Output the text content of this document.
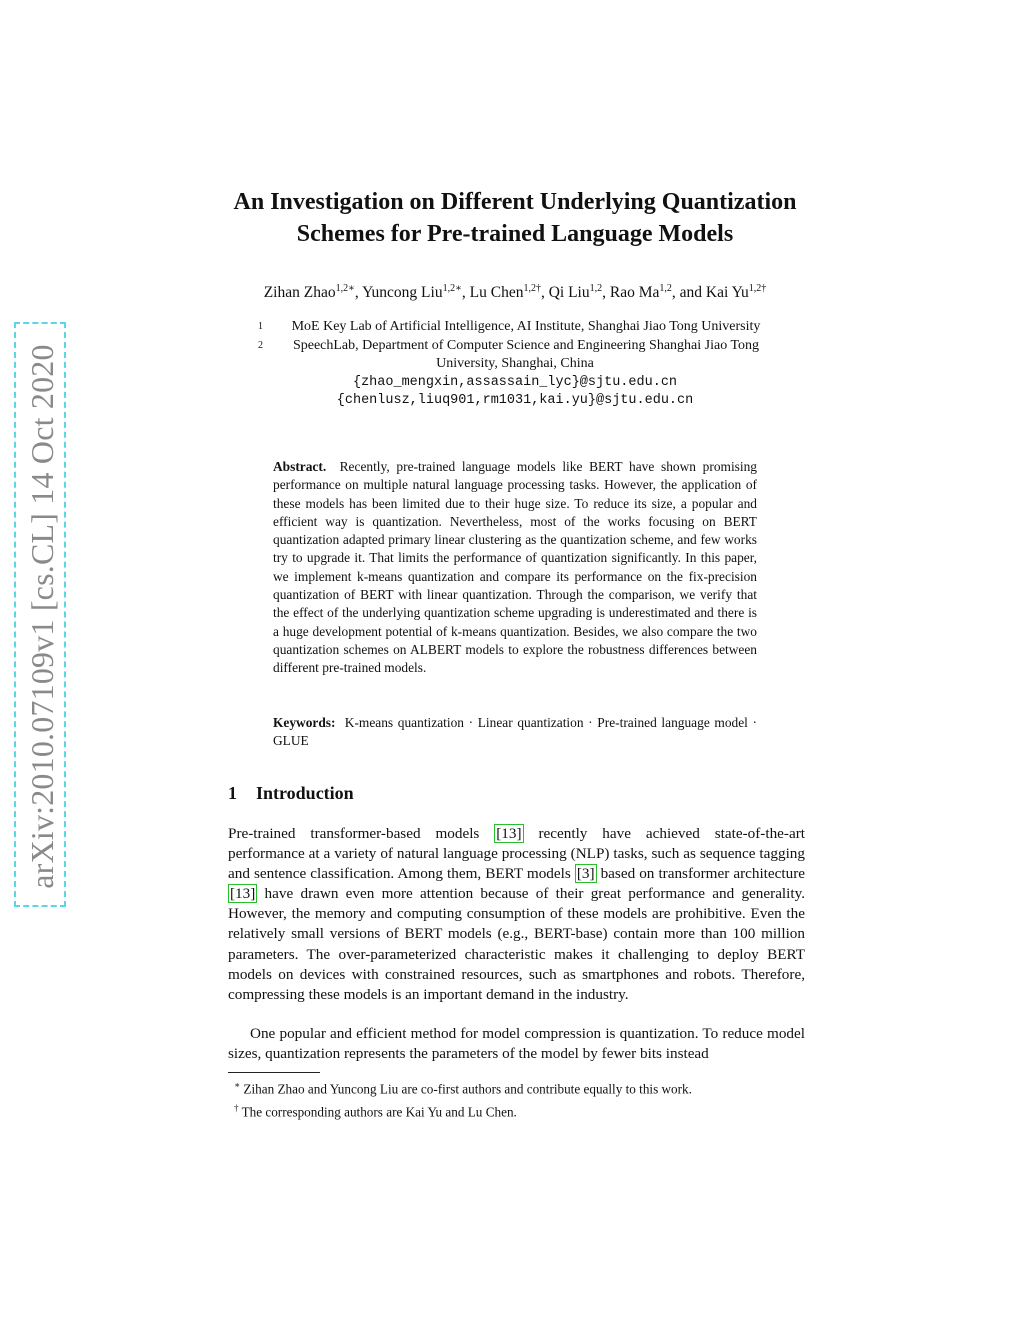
arXiv:2010.07109v1 [cs.CL] 14 Oct 2020
An Investigation on Different Underlying Quantization
Schemes for Pre-trained Language Models
Zihan Zhao$^{1,2∗}$, Yuncong Liu$^{1,2∗}$, Lu Chen$^{1,2\dagger}$, Qi Liu$^{1,2}$, Rao Ma$^{1,2}$, and Kai $Yu^{1,2\dagger}$
1	MoE Key Lab of Artificial Intelligence, AI Institute, Shanghai Jiao Tong University
2	SpeechLab, Department of Computer Science and Engineering Shanghai Jiao Tong
University, Shanghai, China
{zhao_mengxin,assassain_lyc}@sjtu.edu.cn
{chenlusz,liuq901,rm1031,kai.yu}@sjtu.edu.cn
Abstract. Recently, pre-trained language models like BERT have shown promising performance on multiple natural language processing tasks. However, the application of these models has been limited due to their huge size. To reduce its size, a popular and efficient way is quantization. Nevertheless, most of the works focusing on BERT quantization adapted primary linear clustering as the quantization scheme, and few works try to upgrade it. That limits the performance of quantization significantly. In this paper, we implement k-means quantization and compare its performance on the fix-precision quantization of BERT with linear quantization. Through the comparison, we verify that the effect of the underlying quantization scheme upgrading is underestimated and there is a huge development potential of k-means quantization. Besides, we also compare the two quantization schemes on ALBERT models to explore the robustness differences between different pre-trained models.
Keywords: K-means quantization · Linear quantization · Pre-trained language model · GLUE
1 Introduction
Pre-trained transformer-based models [13] recently have achieved state-of-the-art performance at a variety of natural language processing (NLP) tasks, such as sequence tagging and sentence classification. Among them, BERT models [3] based on transformer architecture [13] have drawn even more attention because of their great performance and generality. However, the memory and computing consumption of these models are prohibitive. Even the relatively small versions of BERT models (e.g., BERT-base) contain more than 100 million parameters. The over-parameterized characteristic makes it challenging to deploy BERT models on devices with constrained resources, such as smartphones and robots. Therefore, compressing these models is an important demand in the industry.
One popular and efficient method for model compression is quantization. To reduce model sizes, quantization represents the parameters of the model by fewer bits instead
∗ Zihan Zhao and Yuncong Liu are co-first authors and contribute equally to this work.
† The corresponding authors are Kai Yu and Lu Chen.
